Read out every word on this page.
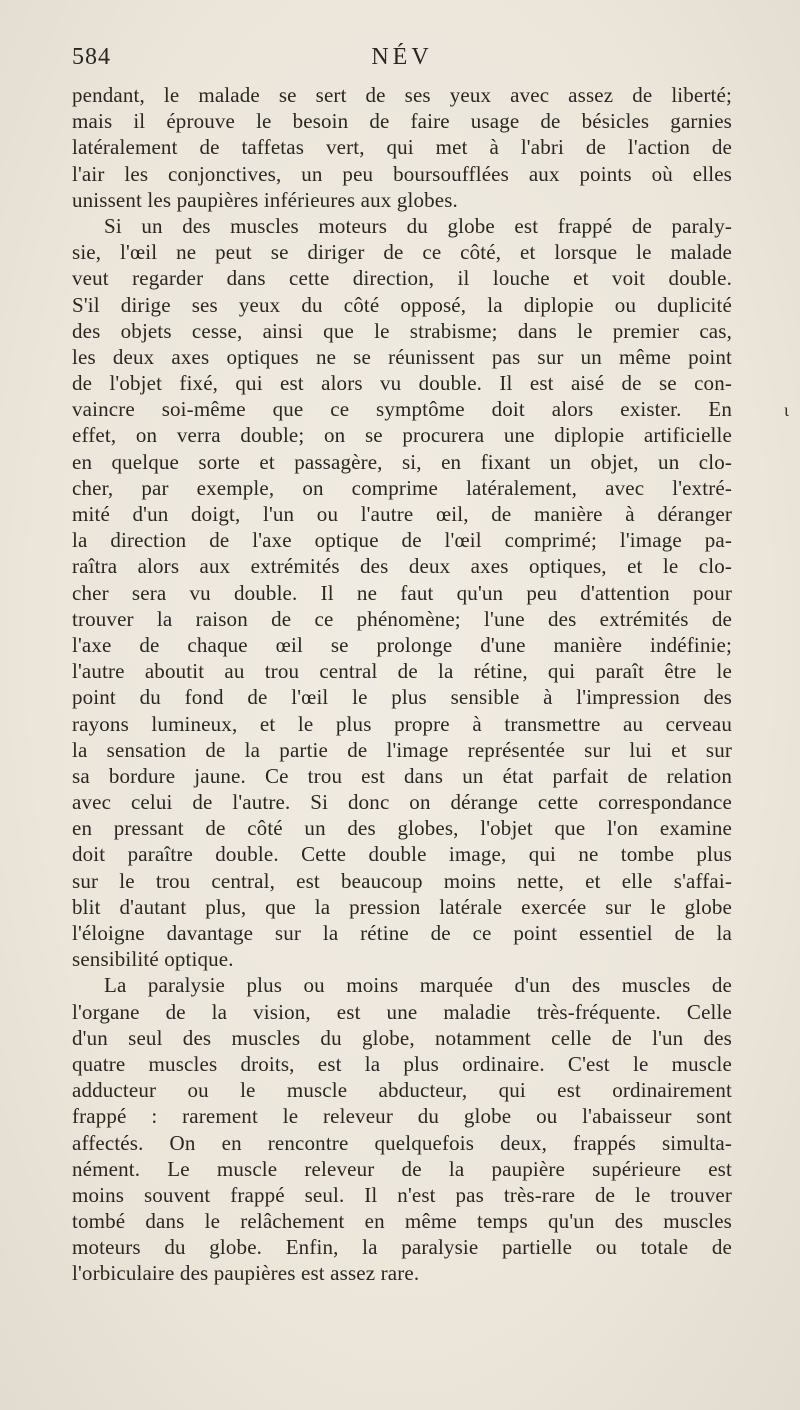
584	NÉV
pendant, le malade se sert de ses yeux avec assez de liberté;
mais il éprouve le besoin de faire usage de bésicles garnies
latéralement de taffetas vert, qui met à l'abri de l'action de
l'air les conjonctives, un peu boursoufflées aux points où elles
unissent les paupières inférieures aux globes.
Si un des muscles moteurs du globe est frappé de paraly-
sie, l'œil ne peut se diriger de ce côté, et lorsque le malade
veut regarder dans cette direction, il louche et voit double.
S'il dirige ses yeux du côté opposé, la diplopie ou duplicité
des objets cesse, ainsi que le strabisme; dans le premier cas,
les deux axes optiques ne se réunissent pas sur un même point
de l'objet fixé, qui est alors vu double. Il est aisé de se con-
vaincre soi-même que ce symptôme doit alors exister. En
effet, on verra double; on se procurera une diplopie artificielle
en quelque sorte et passagère, si, en fixant un objet, un clo-
cher, par exemple, on comprime latéralement, avec l'extré-
mité d'un doigt, l'un ou l'autre œil, de manière à déranger
la direction de l'axe optique de l'œil comprimé; l'image pa-
raîtra alors aux extrémités des deux axes optiques, et le clo-
cher sera vu double. Il ne faut qu'un peu d'attention pour
trouver la raison de ce phénomène; l'une des extrémités de
l'axe de chaque œil se prolonge d'une manière indéfinie;
l'autre aboutit au trou central de la rétine, qui paraît être le
point du fond de l'œil le plus sensible à l'impression des
rayons lumineux, et le plus propre à transmettre au cerveau
la sensation de la partie de l'image représentée sur lui et sur
sa bordure jaune. Ce trou est dans un état parfait de relation
avec celui de l'autre. Si donc on dérange cette correspondance
en pressant de côté un des globes, l'objet que l'on examine
doit paraître double. Cette double image, qui ne tombe plus
sur le trou central, est beaucoup moins nette, et elle s'affai-
blit d'autant plus, que la pression latérale exercée sur le globe
l'éloigne davantage sur la rétine de ce point essentiel de la
sensibilité optique.
La paralysie plus ou moins marquée d'un des muscles de
l'organe de la vision, est une maladie très-fréquente. Celle
d'un seul des muscles du globe, notamment celle de l'un des
quatre muscles droits, est la plus ordinaire. C'est le muscle
adducteur ou le muscle abducteur, qui est ordinairement
frappé : rarement le releveur du globe ou l'abaisseur sont
affectés. On en rencontre quelquefois deux, frappés simulta-
nément. Le muscle releveur de la paupière supérieure est
moins souvent frappé seul. Il n'est pas très-rare de le trouver
tombé dans le relâchement en même temps qu'un des muscles
moteurs du globe. Enfin, la paralysie partielle ou totale de
l'orbiculaire des paupières est assez rare.
ɩ
